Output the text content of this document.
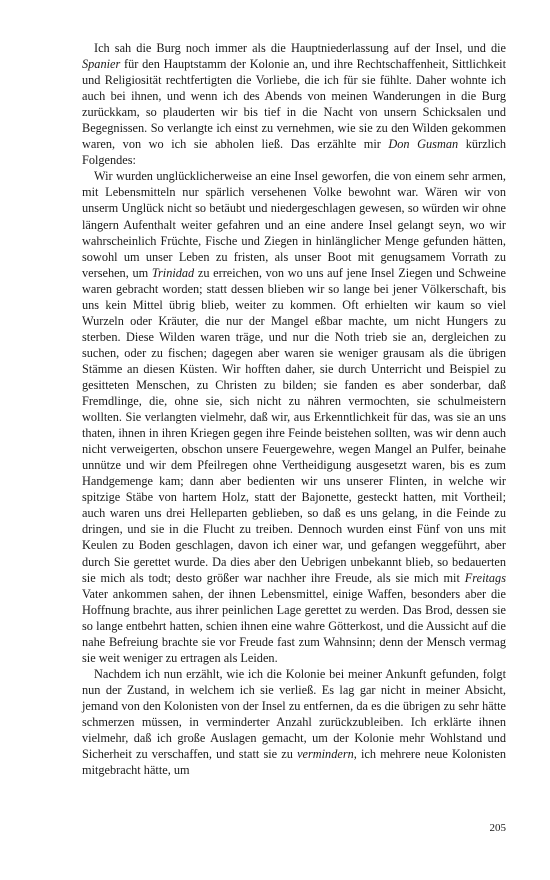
Ich sah die Burg noch immer als die Hauptniederlassung auf der Insel, und die Spanier für den Hauptstamm der Kolonie an, und ihre Rechtschaffenheit, Sittlichkeit und Religiosität rechtfertigten die Vorliebe, die ich für sie fühlte. Daher wohnte ich auch bei ihnen, und wenn ich des Abends von meinen Wanderungen in die Burg zurückkam, so plauderten wir bis tief in die Nacht von unsern Schicksalen und Begegnissen. So verlangte ich einst zu vernehmen, wie sie zu den Wilden gekommen waren, von wo ich sie abholen ließ. Das erzählte mir Don Gusman kürzlich Folgendes:

Wir wurden unglücklicherweise an eine Insel geworfen, die von einem sehr armen, mit Lebensmitteln nur spärlich versehenen Volke bewohnt war. Wären wir von unserm Unglück nicht so betäubt und niedergeschlagen gewesen, so würden wir ohne längern Aufenthalt weiter gefahren und an eine andere Insel gelangt seyn, wo wir wahrscheinlich Früchte, Fische und Ziegen in hinlänglicher Menge gefunden hätten, sowohl um unser Leben zu fristen, als unser Boot mit genugsamem Vorrath zu versehen, um Trinidad zu erreichen, von wo uns auf jene Insel Ziegen und Schweine waren gebracht worden; statt dessen blieben wir so lange bei jener Völkerschaft, bis uns kein Mittel übrig blieb, weiter zu kommen. Oft erhielten wir kaum so viel Wurzeln oder Kräuter, die nur der Mangel eßbar machte, um nicht Hungers zu sterben. Diese Wilden waren träge, und nur die Noth trieb sie an, dergleichen zu suchen, oder zu fischen; dagegen aber waren sie weniger grausam als die übrigen Stämme an diesen Küsten. Wir hofften daher, sie durch Unterricht und Beispiel zu gesitteten Menschen, zu Christen zu bilden; sie fanden es aber sonderbar, daß Fremdlinge, die, ohne sie, sich nicht zu nähren vermochten, sie schulmeistern wollten. Sie verlangten vielmehr, daß wir, aus Erkenntlichkeit für das, was sie an uns thaten, ihnen in ihren Kriegen gegen ihre Feinde beistehen sollten, was wir denn auch nicht verweigerten, obschon unsere Feuergewehre, wegen Mangel an Pulfer, beinahe unnütze und wir dem Pfeilregen ohne Vertheidigung ausgesetzt waren, bis es zum Handgemenge kam; dann aber bedienten wir uns unserer Flinten, in welche wir spitzige Stäbe von hartem Holz, statt der Bajonette, gesteckt hatten, mit Vortheil; auch waren uns drei Helleparten geblieben, so daß es uns gelang, in die Feinde zu dringen, und sie in die Flucht zu treiben. Dennoch wurden einst Fünf von uns mit Keulen zu Boden geschlagen, davon ich einer war, und gefangen weggeführt, aber durch Sie gerettet wurde. Da dies aber den Uebrigen unbekannt blieb, so bedauerten sie mich als todt; desto größer war nachher ihre Freude, als sie mich mit Freitags Vater ankommen sahen, der ihnen Lebensmittel, einige Waffen, besonders aber die Hoffnung brachte, aus ihrer peinlichen Lage gerettet zu werden. Das Brod, dessen sie so lange entbehrt hatten, schien ihnen eine wahre Götterkost, und die Aussicht auf die nahe Befreiung brachte sie vor Freude fast zum Wahnsinn; denn der Mensch vermag sie weit weniger zu ertragen als Leiden.

Nachdem ich nun erzählt, wie ich die Kolonie bei meiner Ankunft gefunden, folgt nun der Zustand, in welchem ich sie verließ. Es lag gar nicht in meiner Absicht, jemand von den Kolonisten von der Insel zu entfernen, da es die übrigen zu sehr hätte schmerzen müssen, in verminderter Anzahl zurückzubleiben. Ich erklärte ihnen vielmehr, daß ich große Auslagen gemacht, um der Kolonie mehr Wohlstand und Sicherheit zu verschaffen, und statt sie zu vermindern, ich mehrere neue Kolonisten mitgebracht hätte, um

205
